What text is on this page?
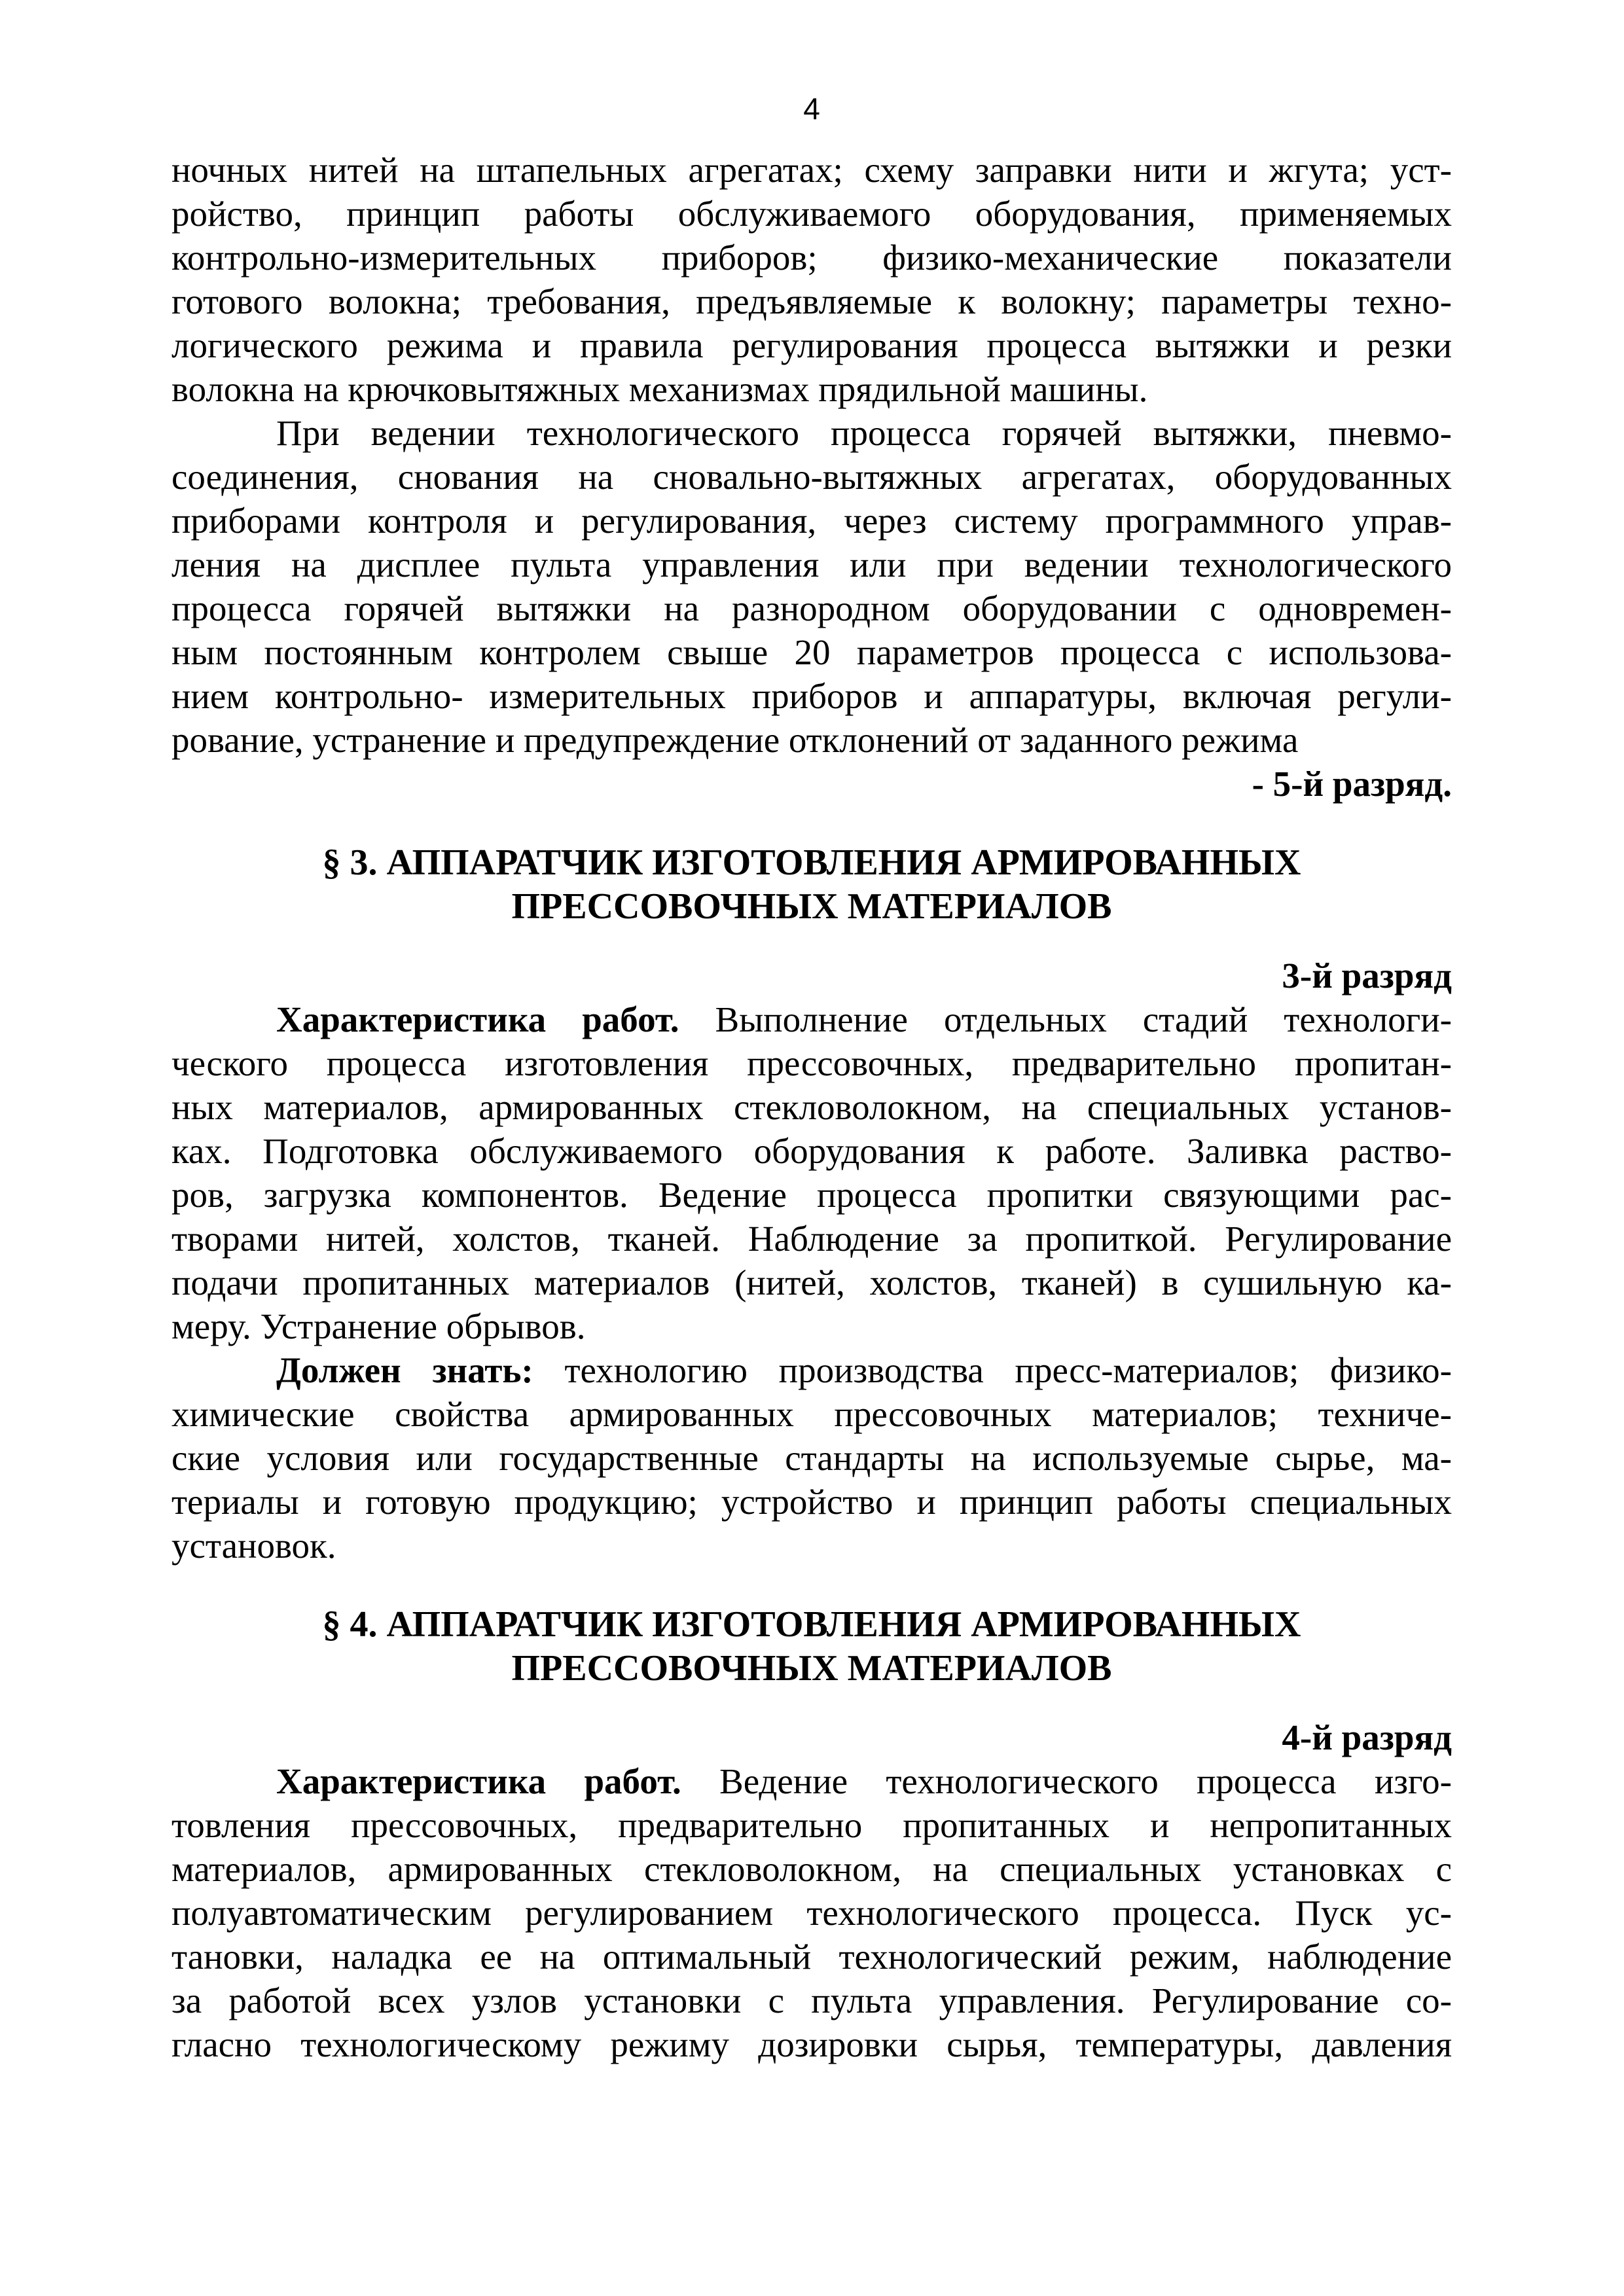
4
ночных нитей на штапельных агрегатах; схему заправки нити и жгута; уст-
ройство, принцип работы обслуживаемого оборудования, применяемых
контрольно-измерительных приборов; физико-механические показатели
готового волокна; требования, предъявляемые к волокну; параметры техно-
логического режима и правила регулирования процесса вытяжки и резки
волокна на крючковытяжных механизмах прядильной машины.
При ведении технологического процесса горячей вытяжки, пневмо-
соединения, снования на сновально-вытяжных агрегатах, оборудованных
приборами контроля и регулирования, через систему программного управ-
ления на дисплее пульта управления или при ведении технологического
процесса горячей вытяжки на разнородном оборудовании с одновремен-
ным постоянным контролем свыше 20 параметров процесса с использова-
нием контрольно- измерительных приборов и аппаратуры, включая регули-
рование, устранение и предупреждение отклонений от заданного режима
- 5-й разряд.
§ 3. АППАРАТЧИК ИЗГОТОВЛЕНИЯ АРМИРОВАННЫХ
ПРЕССОВОЧНЫХ МАТЕРИАЛОВ
3-й разряд
Характеристика работ. Выполнение отдельных стадий технологи-
ческого процесса изготовления прессовочных, предварительно пропитан-
ных материалов, армированных стекловолокном, на специальных установ-
ках. Подготовка обслуживаемого оборудования к работе. Заливка раство-
ров, загрузка компонентов. Ведение процесса пропитки связующими рас-
творами нитей, холстов, тканей. Наблюдение за пропиткой. Регулирование
подачи пропитанных материалов (нитей, холстов, тканей) в сушильную ка-
меру. Устранение обрывов.
Должен знать: технологию производства пресс-материалов; физико-
химические свойства армированных прессовочных материалов; техниче-
ские условия или государственные стандарты на используемые сырье, ма-
териалы и готовую продукцию; устройство и принцип работы специальных
установок.
§ 4. АППАРАТЧИК ИЗГОТОВЛЕНИЯ АРМИРОВАННЫХ
ПРЕССОВОЧНЫХ МАТЕРИАЛОВ
4-й разряд
Характеристика работ. Ведение технологического процесса изго-
товления прессовочных, предварительно пропитанных и непропитанных
материалов, армированных стекловолокном, на специальных установках с
полуавтоматическим регулированием технологического процесса. Пуск ус-
тановки, наладка ее на оптимальный технологический режим, наблюдение
за работой всех узлов установки с пульта управления. Регулирование со-
гласно технологическому режиму дозировки сырья, температуры, давления
